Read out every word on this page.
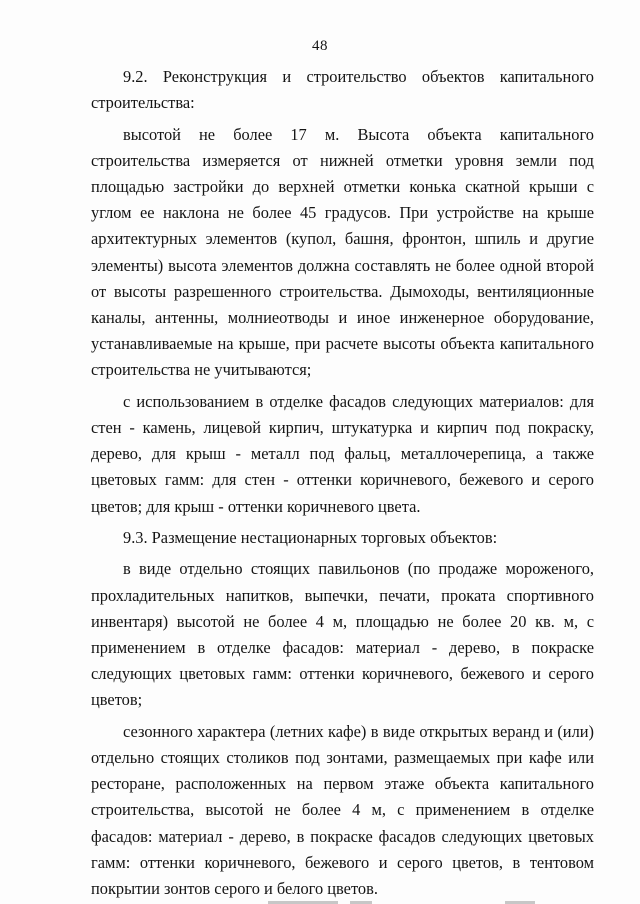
48
9.2. Реконструкция и строительство объектов капитального

строительства:

высотой не более 17 м. Высота объекта капитального строительства измеряется от нижней отметки уровня земли под площадью застройки до верхней отметки конька скатной крыши с углом ее наклона не более 45 градусов. При устройстве на крыше архитектурных элементов (купол, башня, фронтон, шпиль и другие элементы) высота элементов должна составлять не более одной второй от высоты разрешенного строительства. Дымоходы, вентиляционные каналы, антенны, молниеотводы и иное инженерное оборудование, устанавливаемые на крыше, при расчете высоты объекта капитального строительства не учитываются;

с использованием в отделке фасадов следующих материалов: для стен - камень, лицевой кирпич, штукатурка и кирпич под покраску, дерево, для крыш - металл под фальц, металлочерепица, а также цветовых гамм: для стен - оттенки коричневого, бежевого и серого цветов; для крыш - оттенки коричневого цвета.

9.3. Размещение нестационарных торговых объектов:

в виде отдельно стоящих павильонов (по продаже мороженого, прохладительных напитков, выпечки, печати, проката спортивного инвентаря) высотой не более 4 м, площадью не более 20 кв. м, с применением в отделке фасадов: материал - дерево, в покраске следующих цветовых гамм: оттенки коричневого, бежевого и серого цветов;

сезонного характера (летних кафе) в виде открытых веранд и (или) отдельно стоящих столиков под зонтами, размещаемых при кафе или ресторане, расположенных на первом этаже объекта капитального строительства, высотой не более 4 м, с применением в отделке фасадов: материал - дерево, в покраске фасадов следующих цветовых гамм: оттенки коричневого, бежевого и серого цветов, в тентовом покрытии зонтов серого и белого цветов.
